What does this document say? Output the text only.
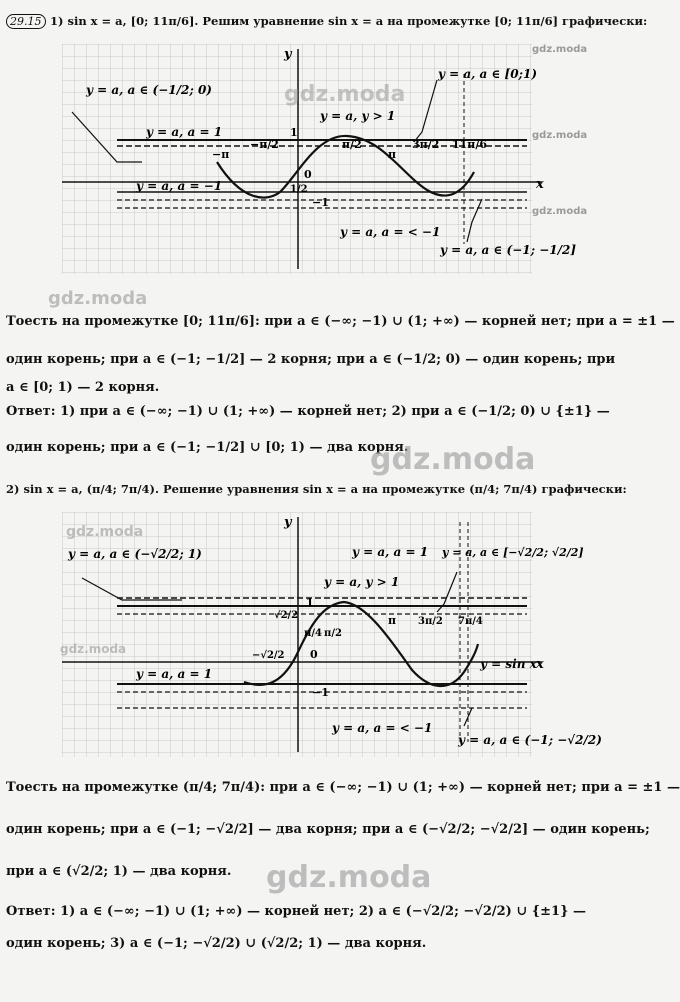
29.15 1) sin x = a, [0; 11π/6]. Решим уравнение sin x = a на промежутке [0; 11π/6] графически:
x
y
y = a, a ∈ (−1/2; 0)
y = a, a ∈ [0;1)
y = a, y > 1
y = a, a = 1
y = a, a = −1
y = a, a = < −1
y = a, a ∈ (−1; −1/2]
−π
−π/2
1
π/2
π
3π/2 11π/6
0
1/2
−1
Тоесть на промежутке [0; 11π/6]: при a ∈ (−∞; −1) ∪ (1; +∞) — корней нет; при a = ±1 —
один корень; при a ∈ (−1; −1/2] — 2 корня; при a ∈ (−1/2; 0) — один корень; при
a ∈ [0; 1) — 2 корня.
Ответ: 1) при a ∈ (−∞; −1) ∪ (1; +∞) — корней нет; 2) при a ∈ (−1/2; 0) ∪ {±1} —
один корень; при a ∈ (−1; −1/2] ∪ [0; 1) — два корня.
2) sin x = a, (π/4; 7π/4). Решение уравнения sin x = a на промежутке (π/4; 7π/4) графически:
x
y
y = a, a ∈ (−√2/2; 1)	y = a, a = 1 y = a, a ∈ [−√2/2; √2/2]
y = a, y > 1
y = a, a = 1
y = a, a = < −1
y = a, a ∈ (−1; −√2/2)
y = sin x
√2/2
1
π/4 π/2
π 3π/2 7π/4
0
−√2/2
−1
Тоесть на промежутке (π/4; 7π/4): при a ∈ (−∞; −1) ∪ (1; +∞) — корней нет; при a = ±1 —
один корень; при a ∈ (−1; −√2/2] — два корня; при a ∈ (−√2/2; −√2/2] — один корень;
при a ∈ (√2/2; 1) — два корня.
Ответ: 1) a ∈ (−∞; −1) ∪ (1; +∞) — корней нет; 2) a ∈ (−√2/2; −√2/2) ∪ {±1} —
один корень; 3) a ∈ (−1; −√2/2) ∪ (√2/2; 1) — два корня.
gdz.moda
gdz.moda
gdz.moda
gdz.moda
gdz.moda
gdz.moda
gdz.moda
gdz.moda
gdz.moda
